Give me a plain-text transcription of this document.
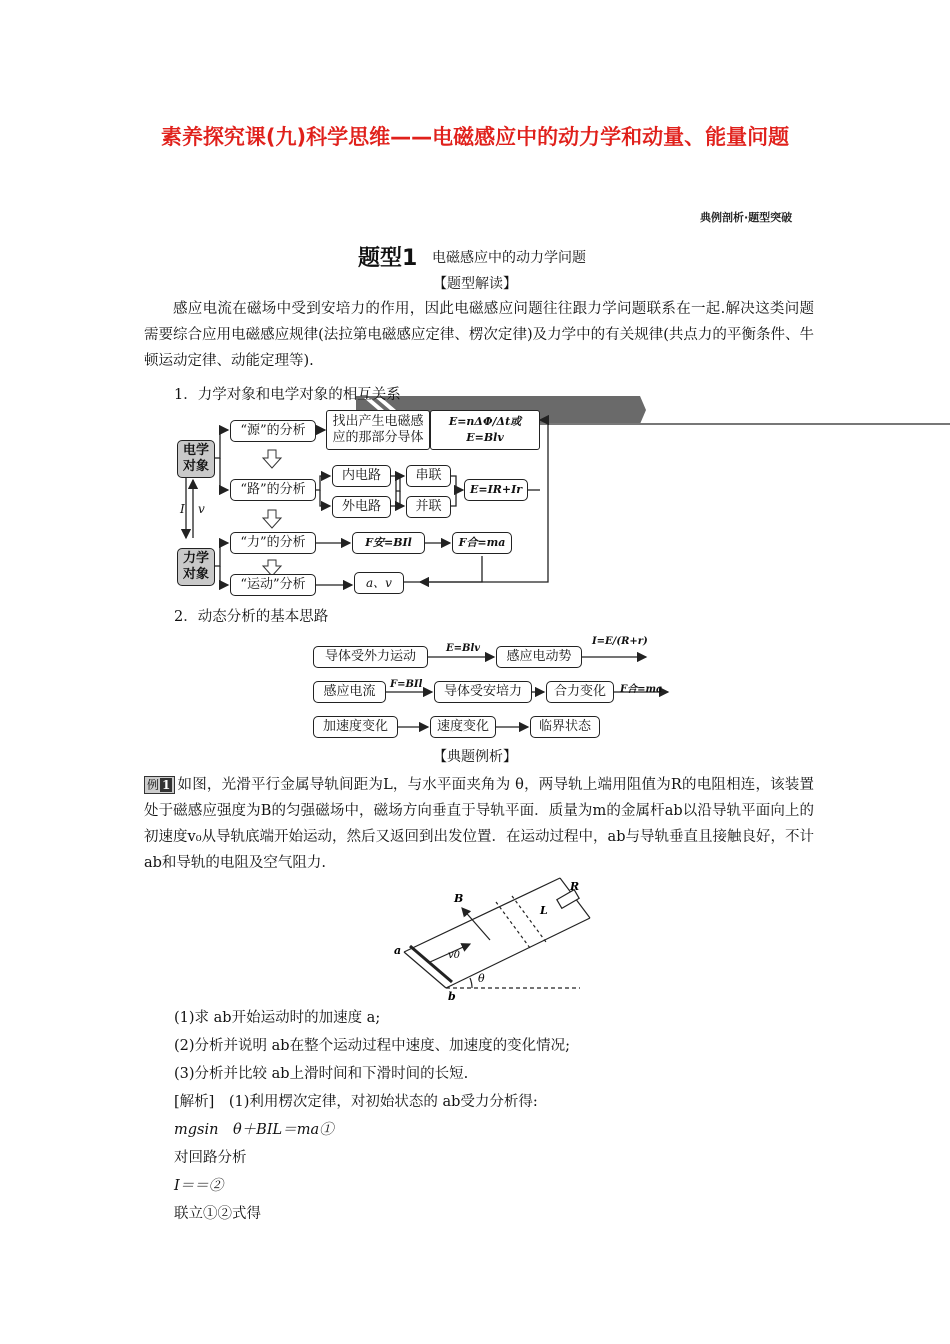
素养探究课(九)科学思维——电磁感应中的动力学和动量、能量问题
题型探究·以例说法	典例剖析·题型突破
题型1 电磁感应中的动力学问题
【题型解读】
感应电流在磁场中受到安培力的作用，因此电磁感应问题往往跟力学问题联系在一起.解决这类问题需要综合应用电磁感应规律(法拉第电磁感应定律、楞次定律)及力学中的有关规律(共点力的平衡条件、牛顿运动定律、动能定理等).
1．力学对象和电学对象的相互关系
电学对象
力学对象
I v
“源”的分析
找出产生电磁感应的那部分导体
E=nΔΦ/Δt或E=Blv
“路”的分析
内电路
外电路
串联
并联
E=IR+Ir
“力”的分析	F安=BIl	F合=ma
“运动”分析	a、v
2．动态分析的基本思路
导体受外力运动
E=Blv
感应电动势
I=E/(R+r)
感应电流	F=BIl	导体受安培力	合力变化	F合=ma
加速度变化	速度变化	临界状态
【典题例析】
例 1 如图，光滑平行金属导轨间距为L，与水平面夹角为 θ，两导轨上端用阻值为R的电阻相连，该装置处于磁感应强度为B的匀强磁场中，磁场方向垂直于导轨平面．质量为m的金属杆ab以沿导轨平面向上的初速度v₀从导轨底端开始运动，然后又返回到出发位置．在运动过程中，ab与导轨垂直且接触良好，不计ab和导轨的电阻及空气阻力.
B
R
L
a
b
v0
θ
(1)求 ab开始运动时的加速度 a;
(2)分析并说明 ab在整个运动过程中速度、加速度的变化情况;
(3)分析并比较 ab上滑时间和下滑时间的长短.
[解析]　(1)利用楞次定律，对初始状态的 ab受力分析得:
mgsin　θ＋BIL＝ma①
对回路分析
I＝＝②
联立①②式得
